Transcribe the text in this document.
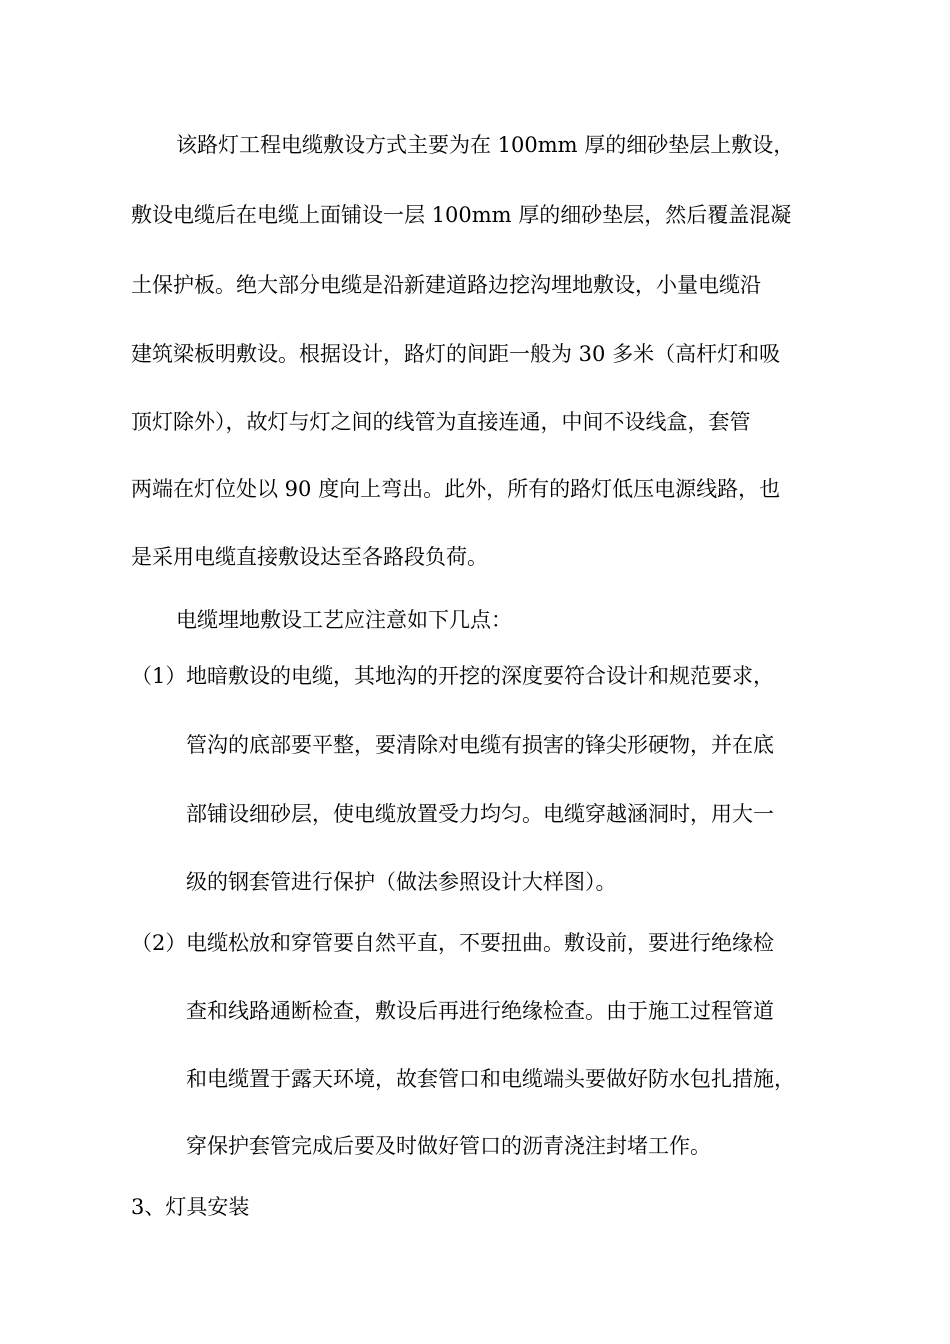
该路灯工程电缆敷设方式主要为在 100mm 厚的细砂垫层上敷设，
敷设电缆后在电缆上面铺设一层 100mm 厚的细砂垫层，然后覆盖混凝
土保护板。绝大部分电缆是沿新建道路边挖沟埋地敷设，小量电缆沿
建筑梁板明敷设。根据设计，路灯的间距一般为 30 多米（高杆灯和吸
顶灯除外），故灯与灯之间的线管为直接连通，中间不设线盒，套管
两端在灯位处以 90 度向上弯出。此外，所有的路灯低压电源线路，也
是采用电缆直接敷设达至各路段负荷。
电缆埋地敷设工艺应注意如下几点：
（1） 地暗敷设的电缆，其地沟的开挖的深度要符合设计和规范要求，
管沟的底部要平整，要清除对电缆有损害的锋尖形硬物，并在底
部铺设细砂层，使电缆放置受力均匀。电缆穿越涵洞时，用大一
级的钢套管进行保护（做法参照设计大样图）。
（2） 电缆松放和穿管要自然平直，不要扭曲。敷设前，要进行绝缘检
查和线路通断检查，敷设后再进行绝缘检查。由于施工过程管道
和电缆置于露天环境，故套管口和电缆端头要做好防水包扎措施，
穿保护套管完成后要及时做好管口的沥青浇注封堵工作。
3、灯具安装
